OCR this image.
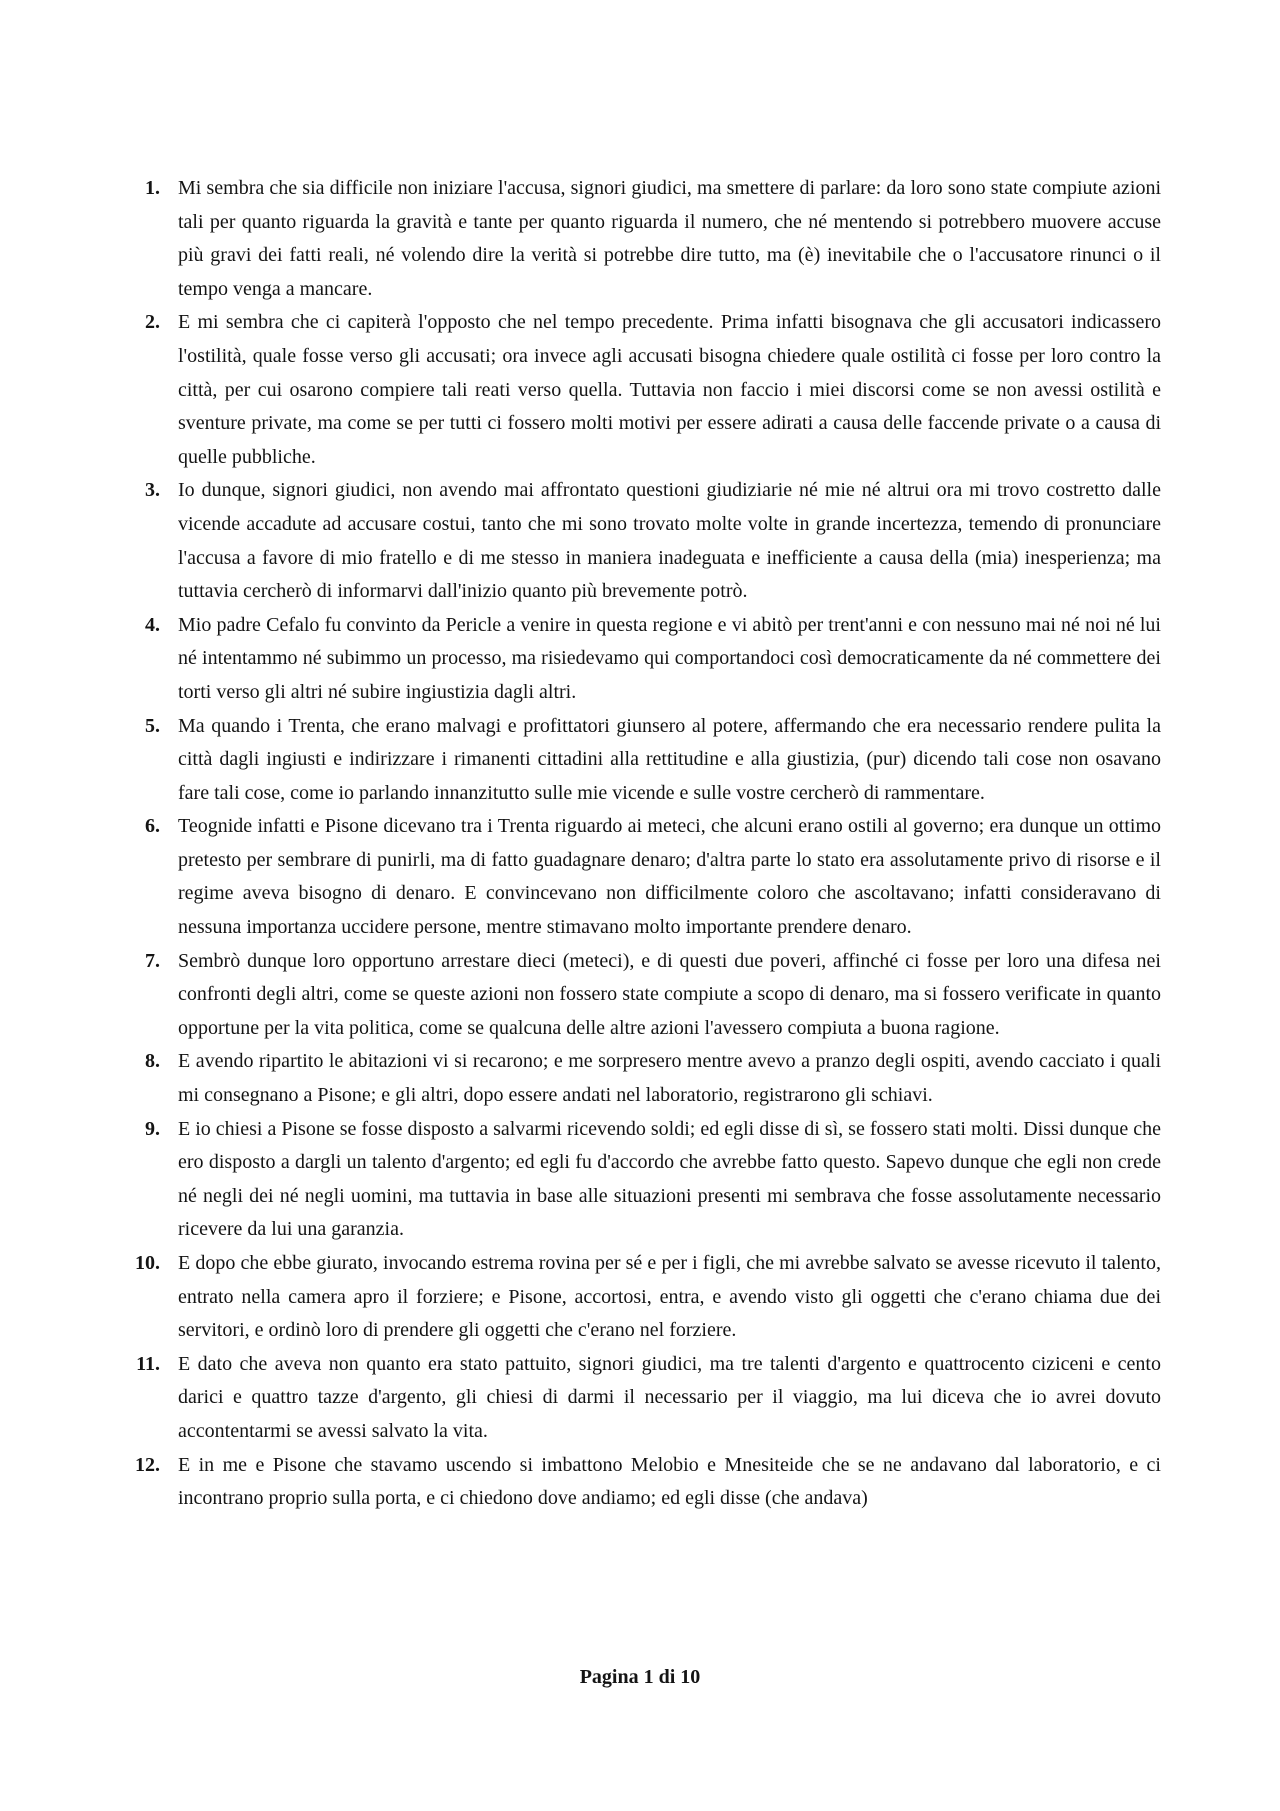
1. Mi sembra che sia difficile non iniziare l'accusa, signori giudici, ma smettere di parlare: da loro sono state compiute azioni tali per quanto riguarda la gravità e tante per quanto riguarda il numero, che né mentendo si potrebbero muovere accuse più gravi dei fatti reali, né volendo dire la verità si potrebbe dire tutto, ma (è) inevitabile che o l'accusatore rinunci o il tempo venga a mancare.
2. E mi sembra che ci capiterà l'opposto che nel tempo precedente. Prima infatti bisognava che gli accusatori indicassero l'ostilità, quale fosse verso gli accusati; ora invece agli accusati bisogna chiedere quale ostilità ci fosse per loro contro la città, per cui osarono compiere tali reati verso quella. Tuttavia non faccio i miei discorsi come se non avessi ostilità e sventure private, ma come se per tutti ci fossero molti motivi per essere adirati a causa delle faccende private o a causa di quelle pubbliche.
3. Io dunque, signori giudici, non avendo mai affrontato questioni giudiziarie né mie né altrui ora mi trovo costretto dalle vicende accadute ad accusare costui, tanto che mi sono trovato molte volte in grande incertezza, temendo di pronunciare l'accusa a favore di mio fratello e di me stesso in maniera inadeguata e inefficiente a causa della (mia) inesperienza; ma tuttavia cercherò di informarvi dall'inizio quanto più brevemente potrò.
4. Mio padre Cefalo fu convinto da Pericle a venire in questa regione e vi abitò per trent'anni e con nessuno mai né noi né lui né intentammo né subimmo un processo, ma risiedevamo qui comportandoci così democraticamente da né commettere dei torti verso gli altri né subire ingiustizia dagli altri.
5. Ma quando i Trenta, che erano malvagi e profittatori giunsero al potere, affermando che era necessario rendere pulita la città dagli ingiusti e indirizzare i rimanenti cittadini alla rettitudine e alla giustizia, (pur) dicendo tali cose non osavano fare tali cose, come io parlando innanzitutto sulle mie vicende e sulle vostre cercherò di rammentare.
6. Teognide infatti e Pisone dicevano tra i Trenta riguardo ai meteci, che alcuni erano ostili al governo; era dunque un ottimo pretesto per sembrare di punirli, ma di fatto guadagnare denaro; d'altra parte lo stato era assolutamente privo di risorse e il regime aveva bisogno di denaro. E convincevano non difficilmente coloro che ascoltavano; infatti consideravano di nessuna importanza uccidere persone, mentre stimavano molto importante prendere denaro.
7. Sembrò dunque loro opportuno arrestare dieci (meteci), e di questi due poveri, affinché ci fosse per loro una difesa nei confronti degli altri, come se queste azioni non fossero state compiute a scopo di denaro, ma si fossero verificate in quanto opportune per la vita politica, come se qualcuna delle altre azioni l'avessero compiuta a buona ragione.
8. E avendo ripartito le abitazioni vi si recarono; e me sorpresero mentre avevo a pranzo degli ospiti, avendo cacciato i quali mi consegnano a Pisone; e gli altri, dopo essere andati nel laboratorio, registrarono gli schiavi.
9. E io chiesi a Pisone se fosse disposto a salvarmi ricevendo soldi; ed egli disse di sì, se fossero stati molti. Dissi dunque che ero disposto a dargli un talento d'argento; ed egli fu d'accordo che avrebbe fatto questo. Sapevo dunque che egli non crede né negli dei né negli uomini, ma tuttavia in base alle situazioni presenti mi sembrava che fosse assolutamente necessario ricevere da lui una garanzia.
10. E dopo che ebbe giurato, invocando estrema rovina per sé e per i figli, che mi avrebbe salvato se avesse ricevuto il talento, entrato nella camera apro il forziere; e Pisone, accortosi, entra, e avendo visto gli oggetti che c'erano chiama due dei servitori, e ordinò loro di prendere gli oggetti che c'erano nel forziere.
11. E dato che aveva non quanto era stato pattuito, signori giudici, ma tre talenti d'argento e quattrocento ciziceni e cento darici e quattro tazze d'argento, gli chiesi di darmi il necessario per il viaggio, ma lui diceva che io avrei dovuto accontentarmi se avessi salvato la vita.
12. E in me e Pisone che stavamo uscendo si imbattono Melobio e Mnesiteide che se ne andavano dal laboratorio, e ci incontrano proprio sulla porta, e ci chiedono dove andiamo; ed egli disse (che andava)
Pagina 1 di 10
